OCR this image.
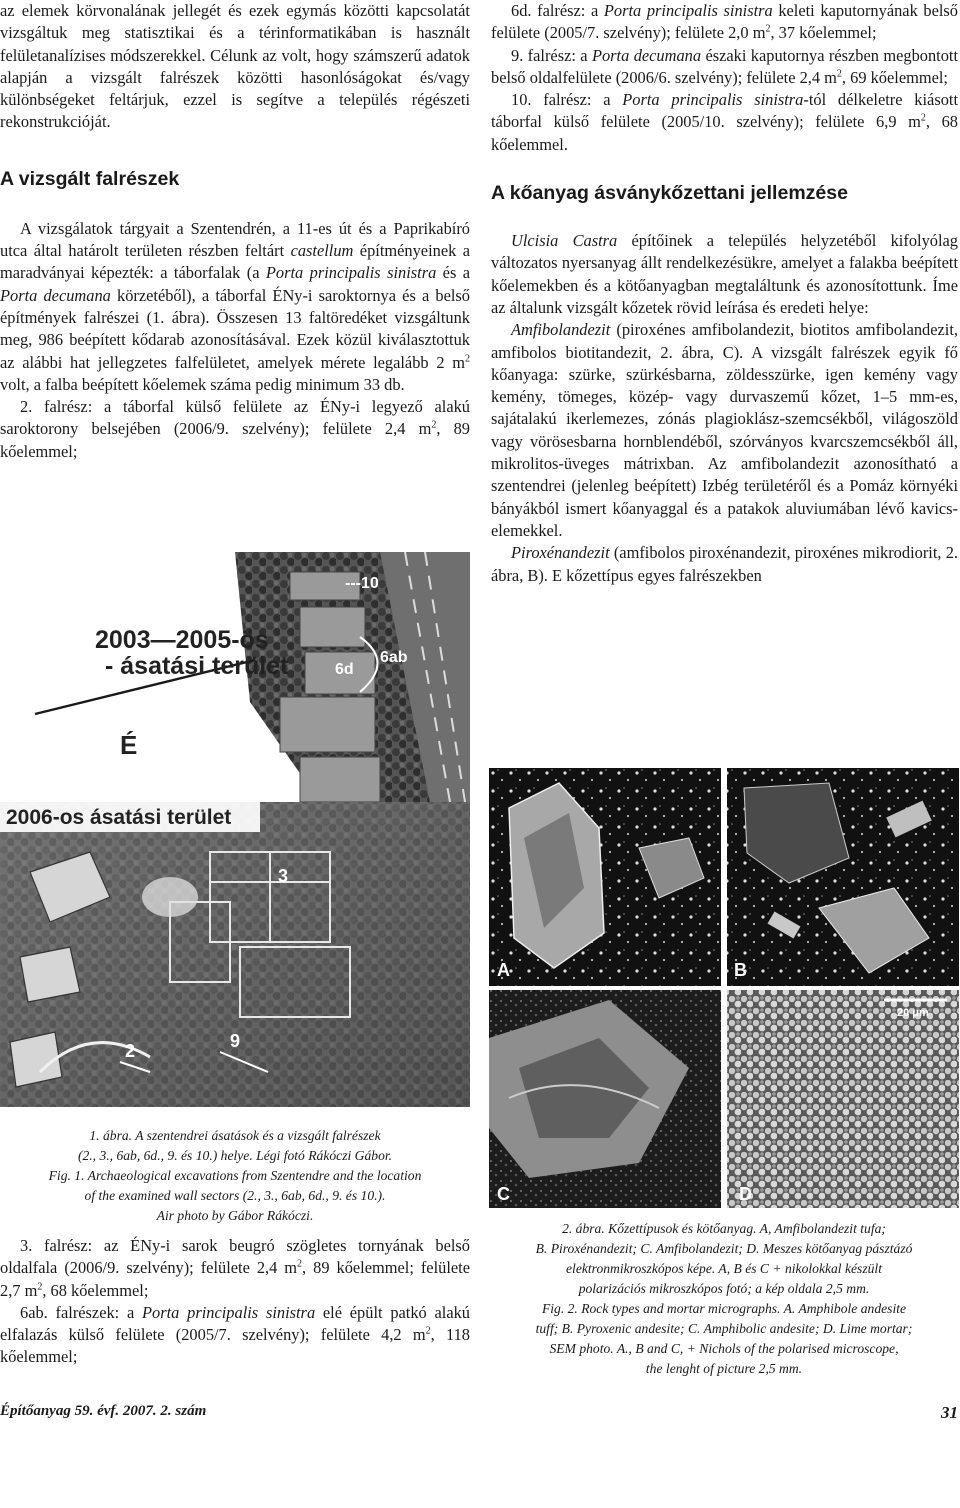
az elemek körvonalának jellegét és ezek egymás közötti kapcsolatát vizsgáltuk meg statisztikai és a térinformatikában is használt felületanalízises módszerekkel. Célunk az volt, hogy számszerű adatok alapján a vizsgált falrészek közötti hasonlóságokat és/vagy különbségeket feltárjuk, ezzel is segítve a település régészeti rekonstrukcióját.

A vizsgált falrészek

A vizsgálatok tárgyait a Szentendrén, a 11-es út és a Paprikabíró utca által határolt területen részben feltárt castellum építményeinek a maradványai képezték: a táborfalak (a Porta principalis sinistra és a Porta decumana körzetéből), a táborfal ÉNy-i saroktornya és a belső építmények falrészei (1. ábra). Összesen 13 faltöredéket vizsgáltunk meg, 986 beépített kődarab azonosításával. Ezek közül kiválasztottuk az alábbi hat jellegzetes falfelületet, amelyek mérete legalább 2 $m^2$ volt, a falba beépített kőelemek száma pedig minimum 33 db.

2. falrész: a táborfal külső felülete az ÉNy-i legyező alakú saroktorony belsejében (2006/9. szelvény); felülete 2,4 $m^2$, 89 kőelemmel;

6d. falrész: a Porta principalis sinistra keleti kaputornyának belső felülete (2005/7. szelvény); felülete 2,0 $m^2$, 37 kőelemmel;

9. falrész: a Porta decumana északi kaputornya részben megbontott belső oldalfelülete (2006/6. szelvény); felülete 2,4 $m^2$, 69 kőelemmel;

10. falrész: a Porta principalis sinistra-tól délkeletre kiásott táborfal külső felülete (2005/10. szelvény); felülete 6,9 $m^2$, 68 kőelemmel.

A kőanyag ásványkőzettani jellemzése

Ulcisia Castra építőinek a település helyzetéből kifolyólag változatos nyersanyag állt rendelkezésükre, amelyet a falakba beépített kőelemekben és a kötőanyagban megtaláltunk és azonosítottunk. Íme az általunk vizsgált kőzetek rövid leírása és eredeti helye:

Amfibolandezit (piroxénes amfibolandezit, biotitos amfibolandezit, amfibolos biotitandezit, 2. ábra, C). A vizsgált falrészek egyik fő kőanyaga: szürke, szürkésbarna, zöldesszürke, igen kemény vagy kemény, tömeges, közép- vagy durvaszemű kőzet, 1–5 mm-es, sajátalakú ikerlemezes, zónás plagioklász-szemcsékből, világoszöld vagy vörösesbarna hornblendéből, szórványos kvarcszemcsékből áll, mikrolitos-üveges mátrixban. Az amfibolandezit azonosítható a szentendrei (jelenleg beépített) Izbég területéről és a Pomáz környéki bányákból ismert kőanyaggal és a patakok aluviumában lévő kavics-elemekkel.

Piroxénandezit (amfibolos piroxénandezit, piroxénes mikrodiorit, 2. ábra, B). E kőzettípus egyes falrészekben

2003—2005-ös
- ásatási terület
É
---10
6ab
6d
3
9
2
2006-os ásatási terület
1. ábra. A szentendrei ásatások és a vizsgált falrészek
(2., 3., 6ab, 6d., 9. és 10.) helye. Légi fotó Rákóczi Gábor.
Fig. 1. Archaeological excavations from Szentendre and the location
of the examined wall sectors (2., 3., 6ab, 6d., 9. és 10.).
Air photo by Gábor Rákóczi.

3. falrész: az ÉNy-i sarok beugró szögletes tornyának belső oldalfala (2006/9. szelvény); felülete 2,4 $m^2$, 89 kőelemmel; felülete 2,7 $m^2$, 68 kőelemmel;

6ab. falrészek: a Porta principalis sinistra elé épült patkó alakú elfalazás külső felülete (2005/7. szelvény); felülete 4,2 $m^2$, 118 kőelemmel;

A	B
C	D
20 μm
2. ábra. Kőzettípusok és kötőanyag. A, Amfibolandezit tufa;
B. Piroxénandezit; C. Amfibolandezit; D. Meszes kötőanyag pásztázó
elektronmikroszkópos képe. A, B és C + nikolokkal készült
polarizációs mikroszkópos fotó; a kép oldala 2,5 mm.
Fig. 2. Rock types and mortar micrographs. A. Amphibole andesite
tuff; B. Pyroxenic andesite; C. Amphibolic andesite; D. Lime mortar;
SEM photo. A., B and C, + Nichols of the polarised microscope,
the lenght of picture 2,5 mm.
Építőanyag 59. évf. 2007. 2. szám	31
